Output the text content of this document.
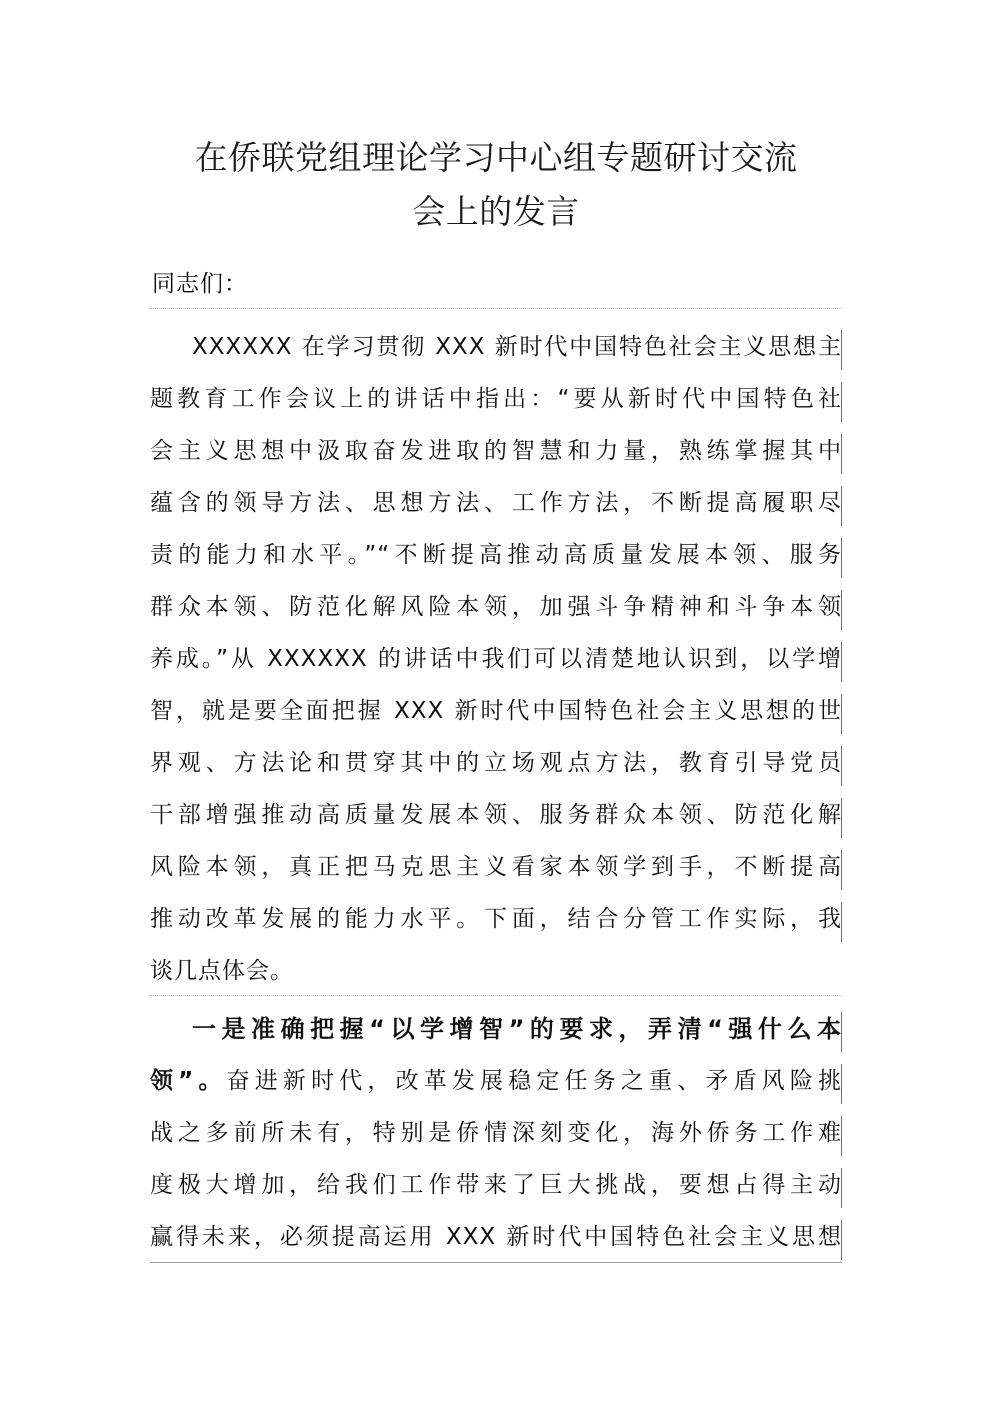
在侨联党组理论学习中心组专题研讨交流
会上的发言
同志们：
XXXXXX 在学习贯彻 XXX 新时代中国特色社会主义思想主
题教育工作会议上的讲话中指出：“要从新时代中国特色社
会主义思想中汲取奋发进取的智慧和力量，熟练掌握其中
蕴含的领导方法、思想方法、工作方法，不断提高履职尽
责的能力和水平。”“不断提高推动高质量发展本领、服务
群众本领、防范化解风险本领，加强斗争精神和斗争本领
养成。”从 XXXXXX 的讲话中我们可以清楚地认识到，以学增
智，就是要全面把握 XXX 新时代中国特色社会主义思想的世
界观、方法论和贯穿其中的立场观点方法，教育引导党员
干部增强推动高质量发展本领、服务群众本领、防范化解
风险本领，真正把马克思主义看家本领学到手，不断提高
推动改革发展的能力水平。下面，结合分管工作实际，我
谈几点体会。
一是准确把握“以学增智”的要求，弄清“强什么本
领”。奋进新时代，改革发展稳定任务之重、矛盾风险挑
战之多前所未有，特别是侨情深刻变化，海外侨务工作难
度极大增加，给我们工作带来了巨大挑战，要想占得主动
赢得未来，必须提高运用 XXX 新时代中国特色社会主义思想
